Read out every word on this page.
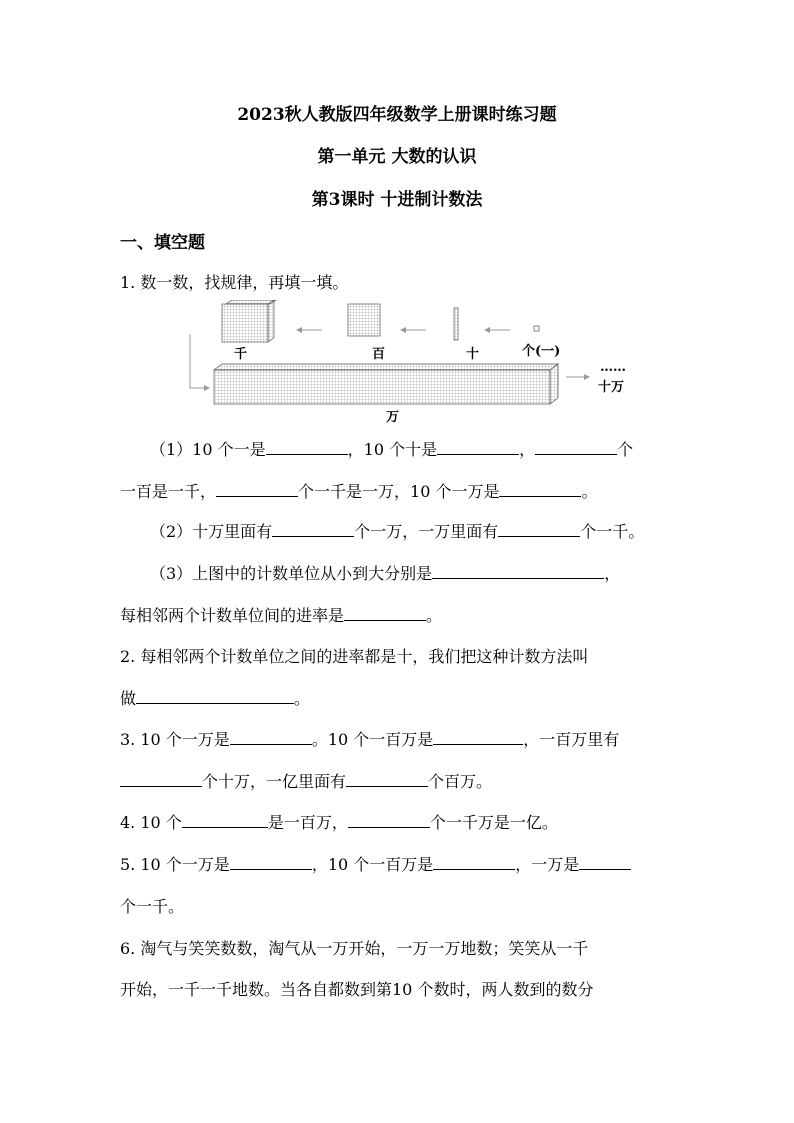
2023秋人教版四年级数学上册课时练习题
第一单元 大数的认识
第3课时 十进制计数法
一、填空题
1. 数一数，找规律，再填一填。
千	百	十	个(一)
……
十万
万
（1）10 个一是	，10 个十是	，	个
一百是一千，	个一千是一万，10 个一万是	。
（2）十万里面有	个一万，一万里面有	个一千。
（3）上图中的计数单位从小到大分别是	，
每相邻两个计数单位间的进率是	。
2. 每相邻两个计数单位之间的进率都是十，我们把这种计数方法叫
做	。
3. 10 个一万是	。10 个一百万是	，一百万里有
个十万，一亿里面有	个百万。
4. 10 个	是一百万，	个一千万是一亿。
5. 10 个一万是	，10 个一百万是	，一万是
个一千。
6. 淘气与笑笑数数，淘气从一万开始，一万一万地数；笑笑从一千
开始，一千一千地数。当各自都数到第10 个数时，两人数到的数分
